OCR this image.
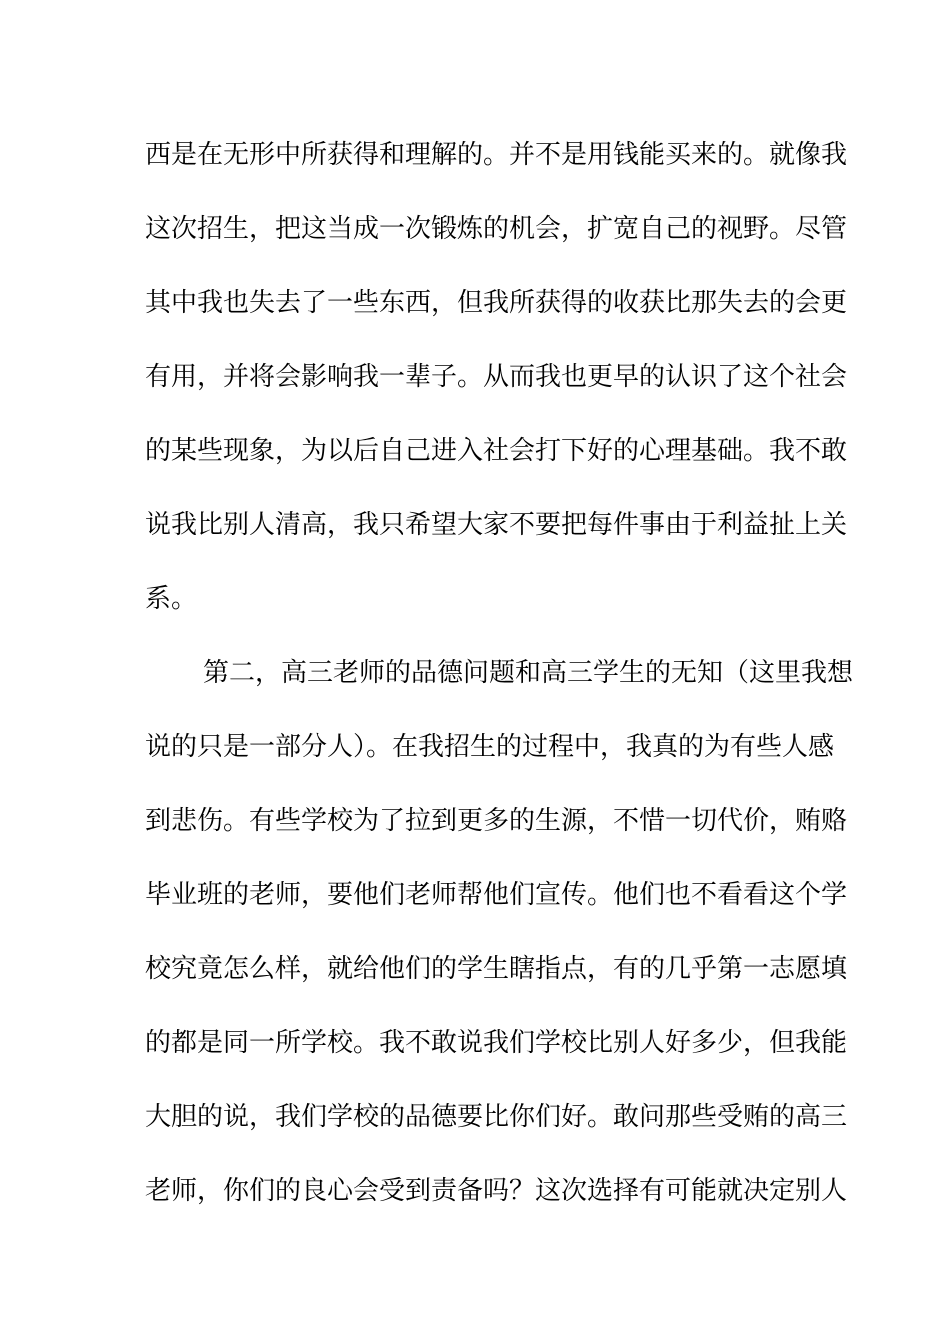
西是在无形中所获得和理解的。并不是用钱能买来的。就像我
这次招生，把这当成一次锻炼的机会，扩宽自己的视野。尽管
其中我也失去了一些东西，但我所获得的收获比那失去的会更
有用，并将会影响我一辈子。从而我也更早的认识了这个社会
的某些现象，为以后自己进入社会打下好的心理基础。我不敢
说我比别人清高，我只希望大家不要把每件事由于利益扯上关
系。
第二，高三老师的品德问题和高三学生的无知（这里我想
说的只是一部分人）。在我招生的过程中，我真的为有些人感
到悲伤。有些学校为了拉到更多的生源，不惜一切代价，贿赂
毕业班的老师，要他们老师帮他们宣传。他们也不看看这个学
校究竟怎么样，就给他们的学生瞎指点，有的几乎第一志愿填
的都是同一所学校。我不敢说我们学校比别人好多少，但我能
大胆的说，我们学校的品德要比你们好。敢问那些受贿的高三
老师，你们的良心会受到责备吗？这次选择有可能就决定别人
